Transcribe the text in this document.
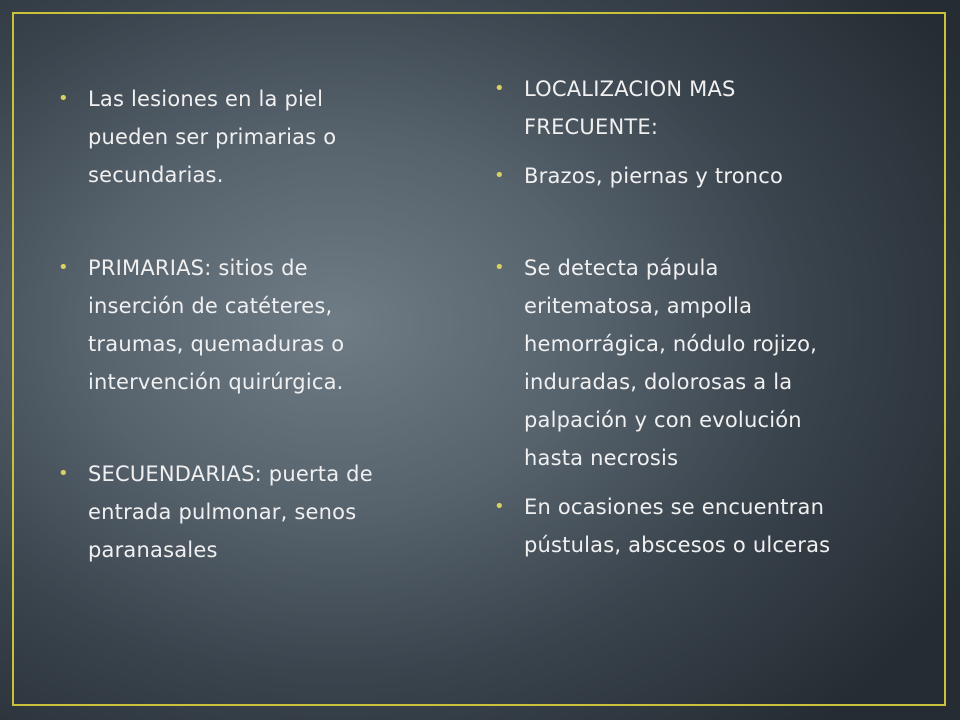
• Las lesiones en la piel
pueden ser primarias o
secundarias.
• PRIMARIAS: sitios de
inserción de catéteres,
traumas, quemaduras o
intervención quirúrgica.
• SECUENDARIAS: puerta de
entrada pulmonar, senos
paranasales
• LOCALIZACION MAS
FRECUENTE:
• Brazos, piernas y tronco
• Se detecta pápula
eritematosa, ampolla
hemorrágica, nódulo rojizo,
induradas, dolorosas a la
palpación y con evolución
hasta necrosis
• En ocasiones se encuentran
pústulas, abscesos o ulceras
